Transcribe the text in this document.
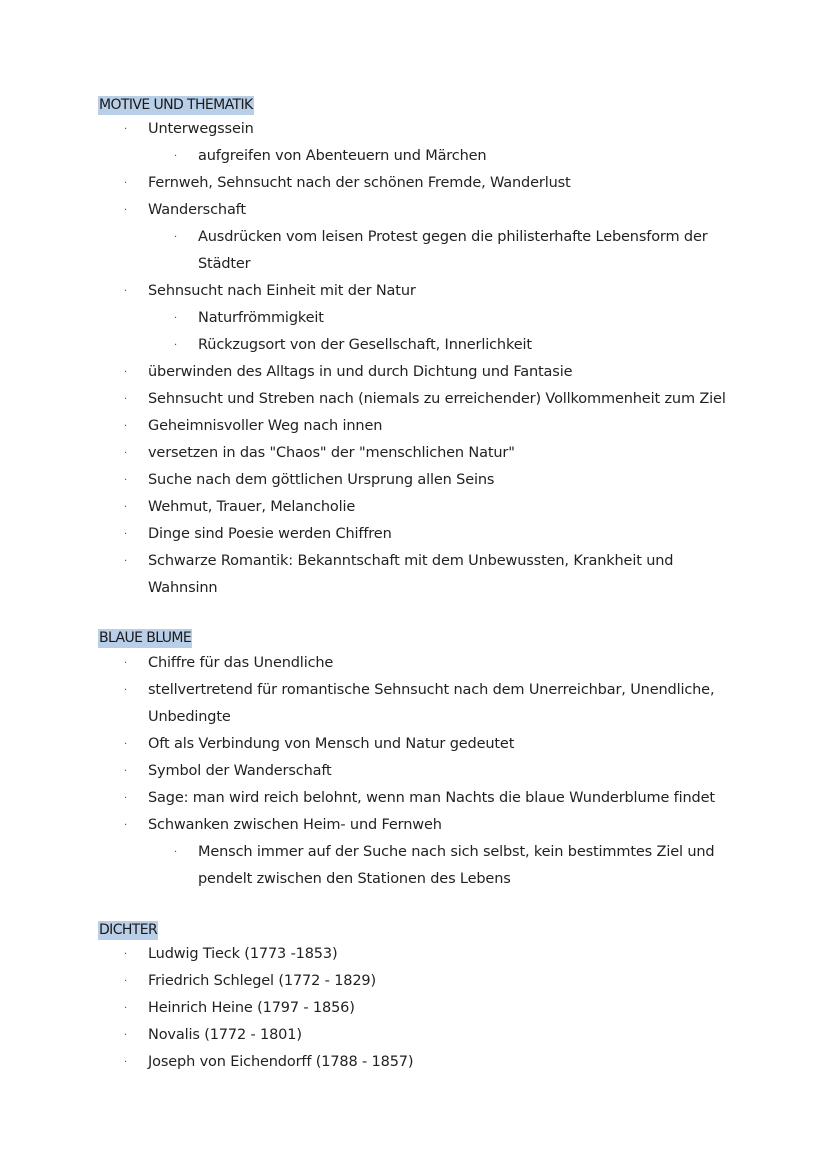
MOTIVE UND THEMATIK
· Unterwegssein
· aufgreifen von Abenteuern und Märchen
· Fernweh, Sehnsucht nach der schönen Fremde, Wanderlust
· Wanderschaft
· Ausdrücken vom leisen Protest gegen die philisterhafte Lebensform der
Städter
· Sehnsucht nach Einheit mit der Natur
· Naturfrömmigkeit
· Rückzugsort von der Gesellschaft, Innerlichkeit
· überwinden des Alltags in und durch Dichtung und Fantasie
· Sehnsucht und Streben nach (niemals zu erreichender) Vollkommenheit zum Ziel
· Geheimnisvoller Weg nach innen
· versetzen in das "Chaos" der "menschlichen Natur"
· Suche nach dem göttlichen Ursprung allen Seins
· Wehmut, Trauer, Melancholie
· Dinge sind Poesie werden Chiffren
· Schwarze Romantik: Bekanntschaft mit dem Unbewussten, Krankheit und
Wahnsinn
BLAUE BLUME
· Chiffre für das Unendliche
· stellvertretend für romantische Sehnsucht nach dem Unerreichbar, Unendliche,
Unbedingte
· Oft als Verbindung von Mensch und Natur gedeutet
· Symbol der Wanderschaft
· Sage: man wird reich belohnt, wenn man Nachts die blaue Wunderblume findet
· Schwanken zwischen Heim- und Fernweh
· Mensch immer auf der Suche nach sich selbst, kein bestimmtes Ziel und
pendelt zwischen den Stationen des Lebens
DICHTER
· Ludwig Tieck (1773 -1853)
· Friedrich Schlegel (1772 - 1829)
· Heinrich Heine (1797 - 1856)
· Novalis (1772 - 1801)
· Joseph von Eichendorff (1788 - 1857)
